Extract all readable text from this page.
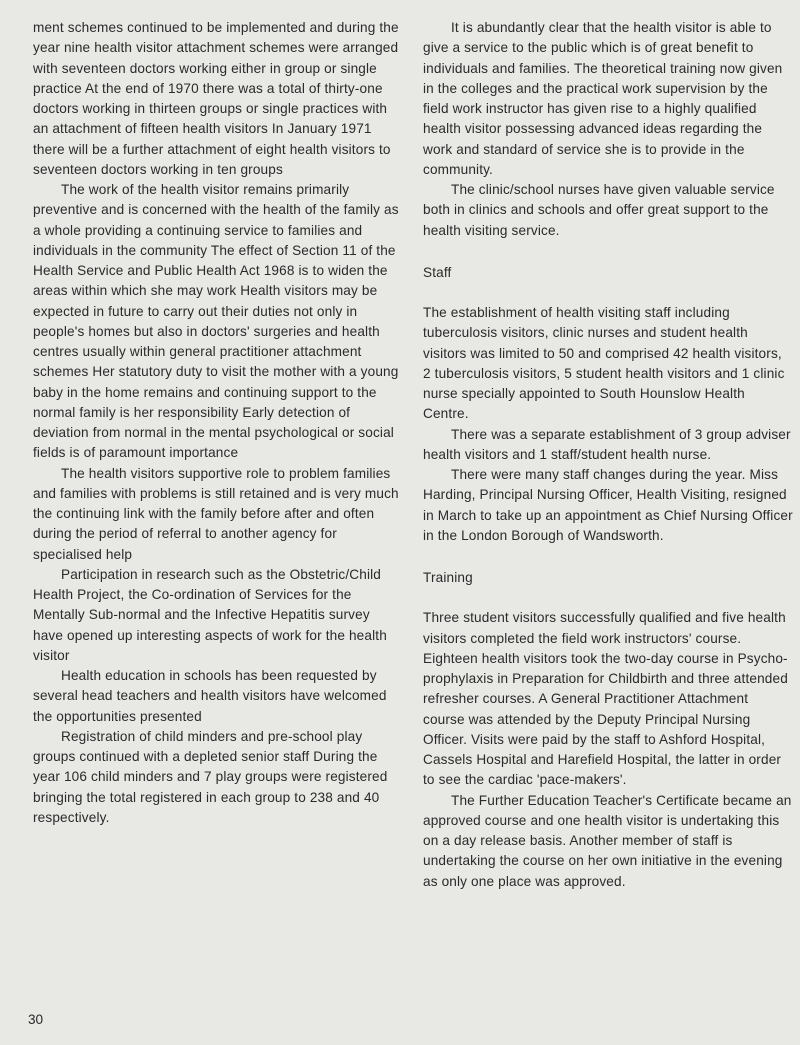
ment schemes continued to be implemented and during the year nine health visitor attachment schemes were arranged with seventeen doctors working either in group or single practice At the end of 1970 there was a total of thirty-one doctors working in thirteen groups or single practices with an attachment of fifteen health visitors In January 1971 there will be a further attachment of eight health visitors to seventeen doctors working in ten groups

The work of the health visitor remains primarily preventive and is concerned with the health of the family as a whole providing a continuing service to families and individuals in the community The effect of Section 11 of the Health Service and Public Health Act 1968 is to widen the areas within which she may work Health visitors may be expected in future to carry out their duties not only in people's homes but also in doctors' surgeries and health centres usually within general practitioner attachment schemes Her statutory duty to visit the mother with a young baby in the home remains and continuing support to the normal family is her responsibility Early detection of deviation from normal in the mental psychological or social fields is of paramount importance

The health visitors supportive role to problem families and families with problems is still retained and is very much the continuing link with the family before after and often during the period of referral to another agency for specialised help

Participation in research such as the Obstetric/Child Health Project, the Co-ordination of Services for the Mentally Sub-normal and the Infective Hepatitis survey have opened up interesting aspects of work for the health visitor

Health education in schools has been requested by several head teachers and health visitors have welcomed the opportunities presented

Registration of child minders and pre-school play groups continued with a depleted senior staff During the year 106 child minders and 7 play groups were registered bringing the total registered in each group to 238 and 40 respectively.

It is abundantly clear that the health visitor is able to give a service to the public which is of great benefit to individuals and families. The theoretical training now given in the colleges and the practical work supervision by the field work instructor has given rise to a highly qualified health visitor possessing advanced ideas regarding the work and standard of service she is to provide in the community.

The clinic/school nurses have given valuable service both in clinics and schools and offer great support to the health visiting service.

Staff

The establishment of health visiting staff including tuberculosis visitors, clinic nurses and student health visitors was limited to 50 and comprised 42 health visitors, 2 tuberculosis visitors, 5 student health visitors and 1 clinic nurse specially appointed to South Hounslow Health Centre.

There was a separate establishment of 3 group adviser health visitors and 1 staff/student health nurse.

There were many staff changes during the year. Miss Harding, Principal Nursing Officer, Health Visiting, resigned in March to take up an appointment as Chief Nursing Officer in the London Borough of Wandsworth.

Training

Three student visitors successfully qualified and five health visitors completed the field work instructors' course. Eighteen health visitors took the two-day course in Psycho-prophylaxis in Preparation for Childbirth and three attended refresher courses. A General Practitioner Attachment course was attended by the Deputy Principal Nursing Officer. Visits were paid by the staff to Ashford Hospital, Cassels Hospital and Harefield Hospital, the latter in order to see the cardiac 'pace-makers'.

The Further Education Teacher's Certificate became an approved course and one health visitor is undertaking this on a day release basis. Another member of staff is undertaking the course on her own initiative in the evening as only one place was approved.

30
